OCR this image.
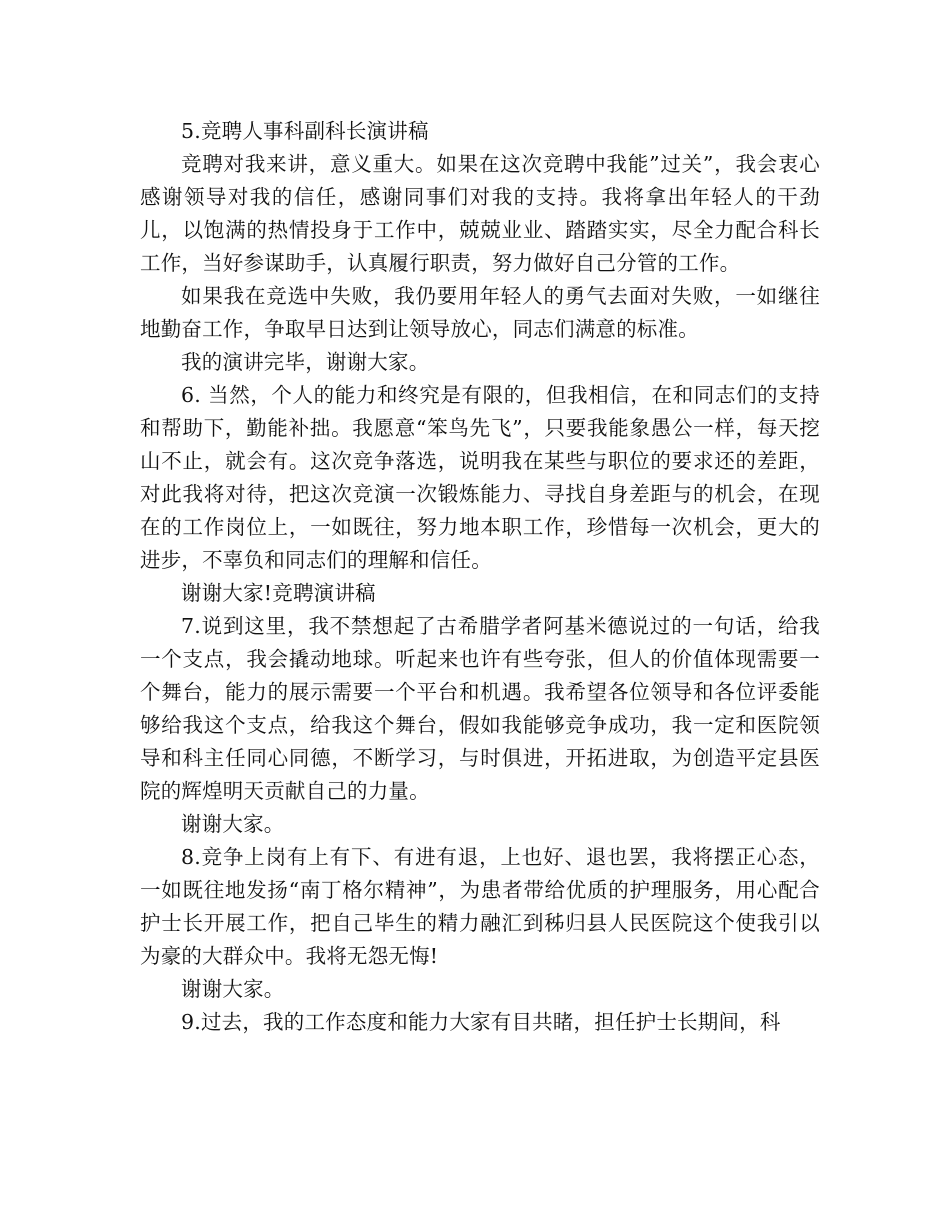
5.竞聘人事科副科长演讲稿

竞聘对我来讲，意义重大。如果在这次竞聘中我能”过关”，我会衷心感谢领导对我的信任，感谢同事们对我的支持。我将拿出年轻人的干劲儿，以饱满的热情投身于工作中，兢兢业业、踏踏实实，尽全力配合科长工作，当好参谋助手，认真履行职责，努力做好自己分管的工作。

如果我在竞选中失败，我仍要用年轻人的勇气去面对失败，一如继往地勤奋工作，争取早日达到让领导放心，同志们满意的标准。

我的演讲完毕，谢谢大家。

6. 当然，个人的能力和终究是有限的，但我相信，在和同志们的支持和帮助下，勤能补拙。我愿意“笨鸟先飞”，只要我能象愚公一样，每天挖山不止，就会有。这次竞争落选，说明我在某些与职位的要求还的差距，对此我将对待，把这次竞演一次锻炼能力、寻找自身差距与的机会，在现在的工作岗位上，一如既往，努力地本职工作，珍惜每一次机会，更大的进步，不辜负和同志们的理解和信任。

谢谢大家!竞聘演讲稿

7.说到这里，我不禁想起了古希腊学者阿基米德说过的一句话，给我一个支点，我会撬动地球。听起来也许有些夸张，但人的价值体现需要一个舞台，能力的展示需要一个平台和机遇。我希望各位领导和各位评委能够给我这个支点，给我这个舞台，假如我能够竞争成功，我一定和医院领导和科主任同心同德，不断学习，与时俱进，开拓进取，为创造平定县医院的辉煌明天贡献自己的力量。

谢谢大家。

8.竞争上岗有上有下、有进有退，上也好、退也罢，我将摆正心态，一如既往地发扬“南丁格尔精神”，为患者带给优质的护理服务，用心配合护士长开展工作，把自己毕生的精力融汇到秭归县人民医院这个使我引以为豪的大群众中。我将无怨无悔!

谢谢大家。

9.过去，我的工作态度和能力大家有目共睹，担任护士长期间，科
